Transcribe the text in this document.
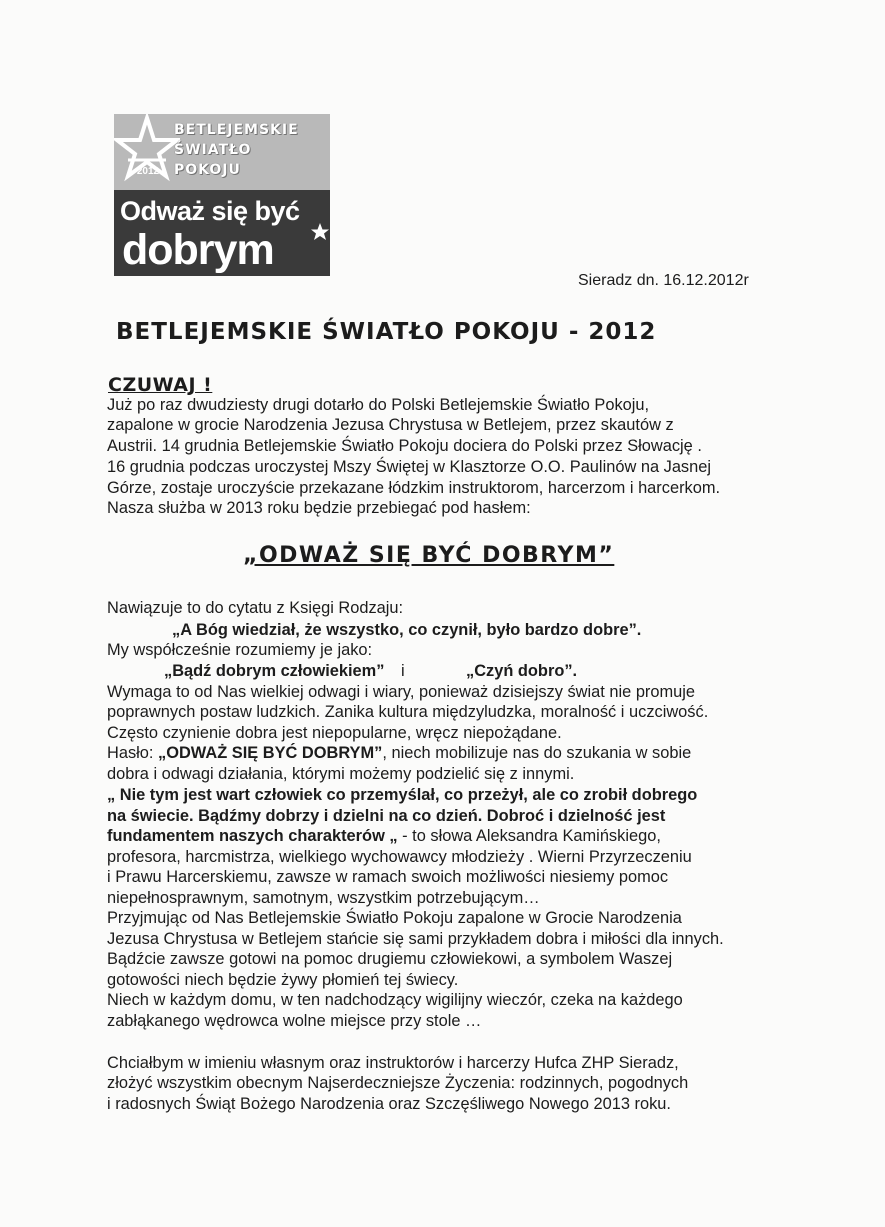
2012
BETLEJEMSKIE
ŚWIATŁO
POKOJU
Odważ się być
dobrym
Sieradz dn. 16.12.2012r
BETLEJEMSKIE ŚWIATŁO POKOJU - 2012
CZUWAJ !
Już po raz dwudziesty drugi dotarło do Polski Betlejemskie Światło Pokoju,
zapalone w grocie Narodzenia Jezusa Chrystusa w Betlejem, przez skautów z
Austrii. 14 grudnia Betlejemskie Światło Pokoju dociera do Polski przez Słowację .
16 grudnia podczas uroczystej Mszy Świętej w Klasztorze O.O. Paulinów na Jasnej
Górze, zostaje uroczyście przekazane łódzkim instruktorom, harcerzom i harcerkom.
Nasza służba w 2013 roku będzie przebiegać pod hasłem:
„ODWAŻ SIĘ BYĆ DOBRYM”
Nawiązuje to do cytatu z Księgi Rodzaju:
„A Bóg wiedział, że wszystko, co czynił, było bardzo dobre”.
My współcześnie rozumiemy je jako:
„Bądź dobrym człowiekiem” i	„Czyń dobro”.
Wymaga to od Nas wielkiej odwagi i wiary, ponieważ dzisiejszy świat nie promuje
poprawnych postaw ludzkich. Zanika kultura międzyludzka, moralność i uczciwość.
Często czynienie dobra jest niepopularne, wręcz niepożądane.
Hasło: „ODWAŻ SIĘ BYĆ DOBRYM”, niech mobilizuje nas do szukania w sobie
dobra i odwagi działania, którymi możemy podzielić się z innymi.
„ Nie tym jest wart człowiek co przemyślał, co przeżył, ale co zrobił dobrego
na świecie. Bądźmy dobrzy i dzielni na co dzień. Dobroć i dzielność jest
fundamentem naszych charakterów „ - to słowa Aleksandra Kamińskiego,
profesora, harcmistrza, wielkiego wychowawcy młodzieży . Wierni Przyrzeczeniu
i Prawu Harcerskiemu, zawsze w ramach swoich możliwości niesiemy pomoc
niepełnosprawnym, samotnym, wszystkim potrzebującym…
Przyjmując od Nas Betlejemskie Światło Pokoju zapalone w Grocie Narodzenia
Jezusa Chrystusa w Betlejem stańcie się sami przykładem dobra i miłości dla innych.
Bądźcie zawsze gotowi na pomoc drugiemu człowiekowi, a symbolem Waszej
gotowości niech będzie żywy płomień tej świecy.
Niech w każdym domu, w ten nadchodzący wigilijny wieczór, czeka na każdego
zabłąkanego wędrowca wolne miejsce przy stole …
Chciałbym w imieniu własnym oraz instruktorów i harcerzy Hufca ZHP Sieradz,
złożyć wszystkim obecnym Najserdeczniejsze Życzenia: rodzinnych, pogodnych
i radosnych Świąt Bożego Narodzenia oraz Szczęśliwego Nowego 2013 roku.
